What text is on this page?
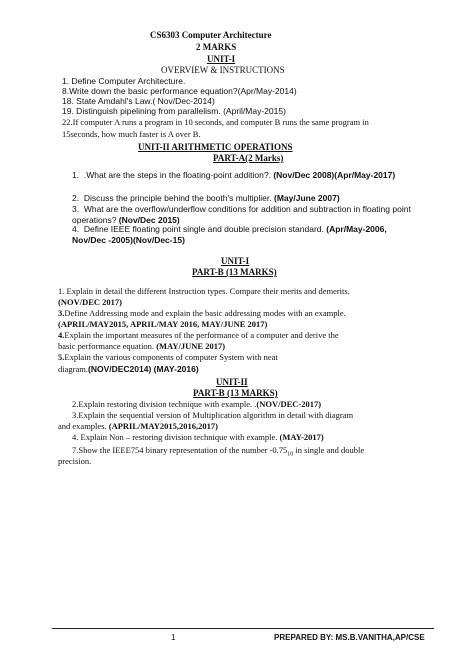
CS6303 Computer Architecture
2 MARKS
UNIT-I
OVERVIEW & INSTRUCTIONS
1. Define Computer Architecture.
8.Write down the basic performance equation?(Apr/May-2014)
18. State Amdahl's Law.( Nov/Dec-2014)
19. Distinguish pipelining from parallelism. (April/May-2015)
22.If computer A runs a program in 10 seconds, and computer B runs the same program in
15seconds, how much faster is A over B.
UNIT-II ARITHMETIC OPERATIONS
PART-A(2 Marks)
1. .What are the steps in the floating-point addition?. (Nov/Dec 2008)(Apr/May-2017)
2. Discuss the principle behind the booth's multiplier. (May/June 2007)
3. What are the overflow/underflow conditions for addition and subtraction in floating point operations? (Nov/Dec 2015)
4. Define IEEE floating point single and double precision standard. (Apr/May-2006, Nov/Dec -2005)(Nov/Dec-15)
UNIT-I
PART-B (13 MARKS)
1. Explain in detail the different Instruction types. Compare their merits and demerits.
(NOV/DEC 2017)
3.Define Addressing mode and explain the basic addressing modes with an example.
(APRIL/MAY2015, APRIL/MAY 2016, MAY/JUNE 2017)
4.Explain the important measures of the performance of a computer and derive the
basic performance equation. (MAY/JUNE 2017)
5.Explain the various components of computer System with neat
diagram.(NOV/DEC2014) (MAY-2016)
UNIT-II
PART-B (13 MARKS)
2.Explain restoring division technique with example. .(NOV/DEC-2017)
3.Explain the sequential version of Multiplication algorithm in detail with diagram
and examples. (APRIL/MAY2015,2016,2017)
4. Explain Non – restoring division technique with example. (MAY-2017)
7.Show the IEEE754 binary representation of the number $-0.75_{10}$ in single and double
precision.
1	PREPARED BY: MS.B.VANITHA,AP/CSE
